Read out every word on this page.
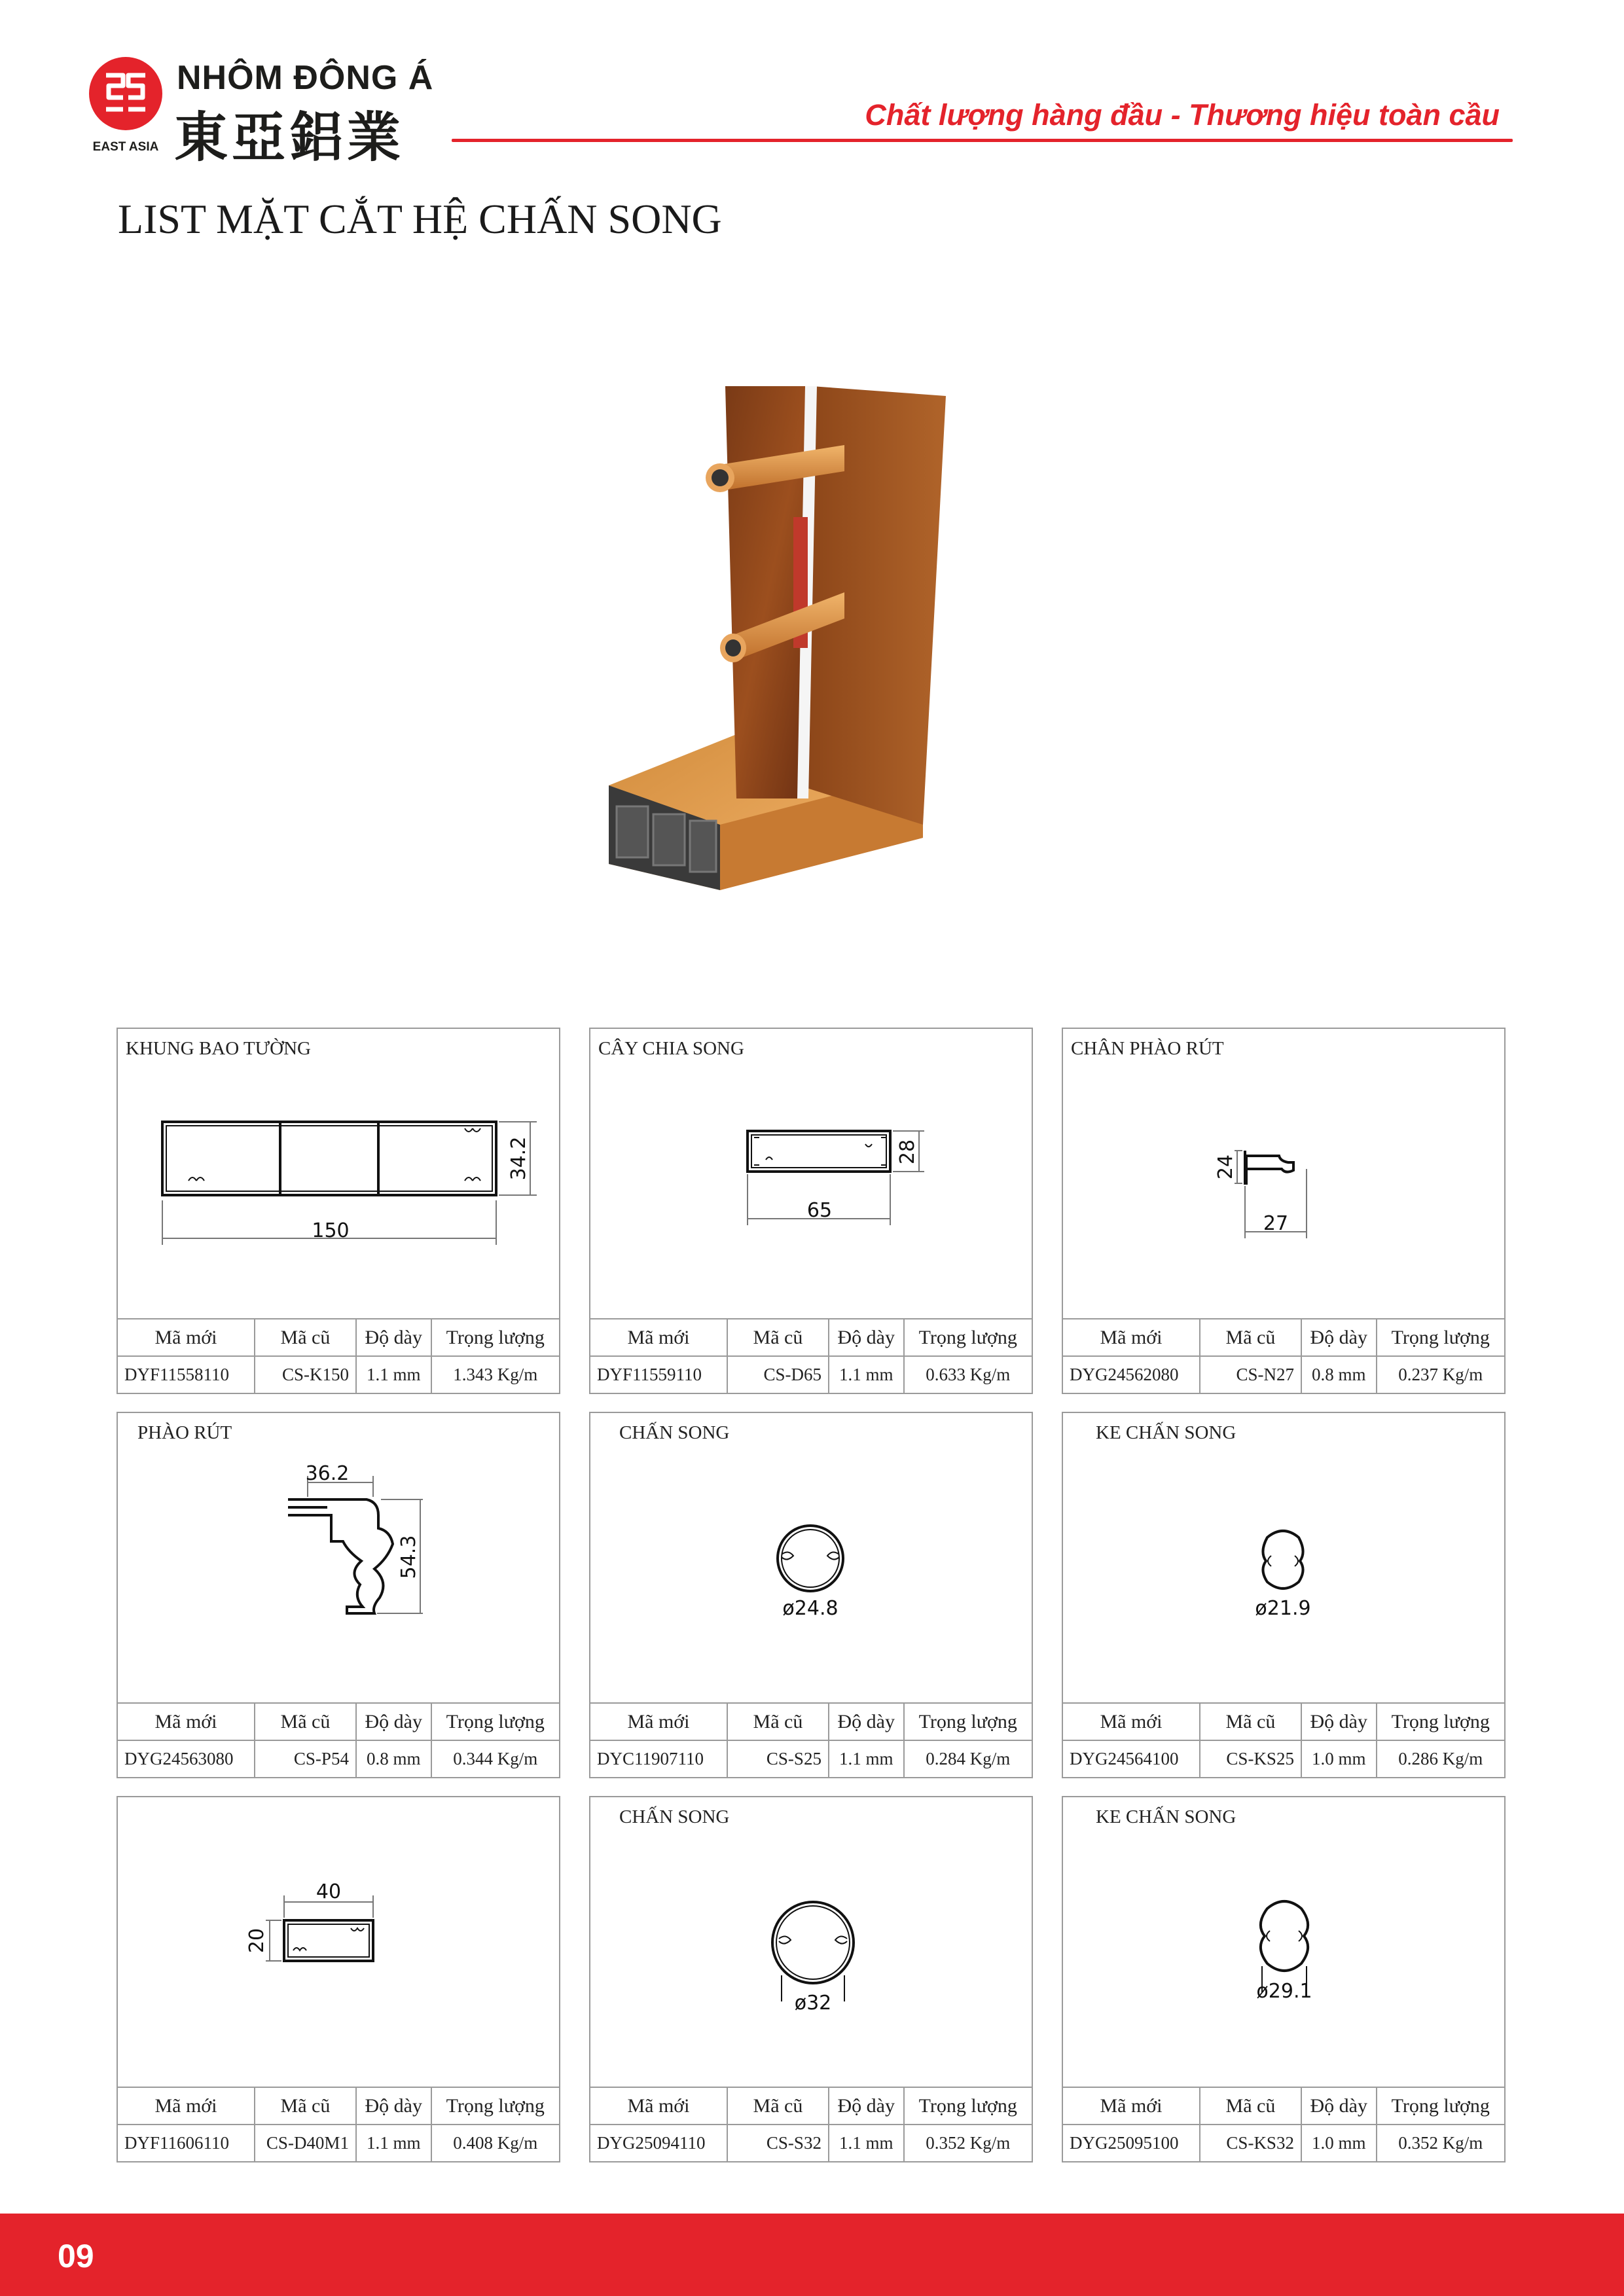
EAST ASIA
NHÔM ĐÔNG Á
東亞鋁業	Chất lượng hàng đầu - Thương hiệu toàn cầu
LIST MẶT CẮT HỆ CHẤN SONG
KHUNG BAO TƯỜNG
150
34.2
Mã mới	Mã cũ	Độ dày	Trọng lượng
DYF11558110	CS-K150	1.1 mm	1.343 Kg/m
CÂY CHIA SONG
65
28
Mã mới	Mã cũ	Độ dày	Trọng lượng
DYF11559110	CS-D65	1.1 mm	0.633 Kg/m
CHÂN PHÀO RÚT
27
24
Mã mới	Mã cũ	Độ dày	Trọng lượng
DYG24562080	CS-N27	0.8 mm	0.237 Kg/m
PHÀO RÚT
36.2
54.3
Mã mới	Mã cũ	Độ dày	Trọng lượng
DYG24563080	CS-P54	0.8 mm	0.344 Kg/m
CHẤN SONG
ø24.8
Mã mới	Mã cũ	Độ dày	Trọng lượng
DYC11907110	CS-S25	1.1 mm	0.284 Kg/m
KE CHẤN SONG
ø21.9
Mã mới	Mã cũ	Độ dày	Trọng lượng
DYG24564100	CS-KS25	1.0 mm	0.286 Kg/m
40
20
Mã mới	Mã cũ	Độ dày	Trọng lượng
DYF11606110	CS-D40M1	1.1 mm	0.408 Kg/m
CHẤN SONG
ø32
Mã mới	Mã cũ	Độ dày	Trọng lượng
DYG25094110	CS-S32	1.1 mm	0.352 Kg/m
KE CHẤN SONG
ø29.1
Mã mới	Mã cũ	Độ dày	Trọng lượng
DYG25095100	CS-KS32	1.0 mm	0.352 Kg/m
09
